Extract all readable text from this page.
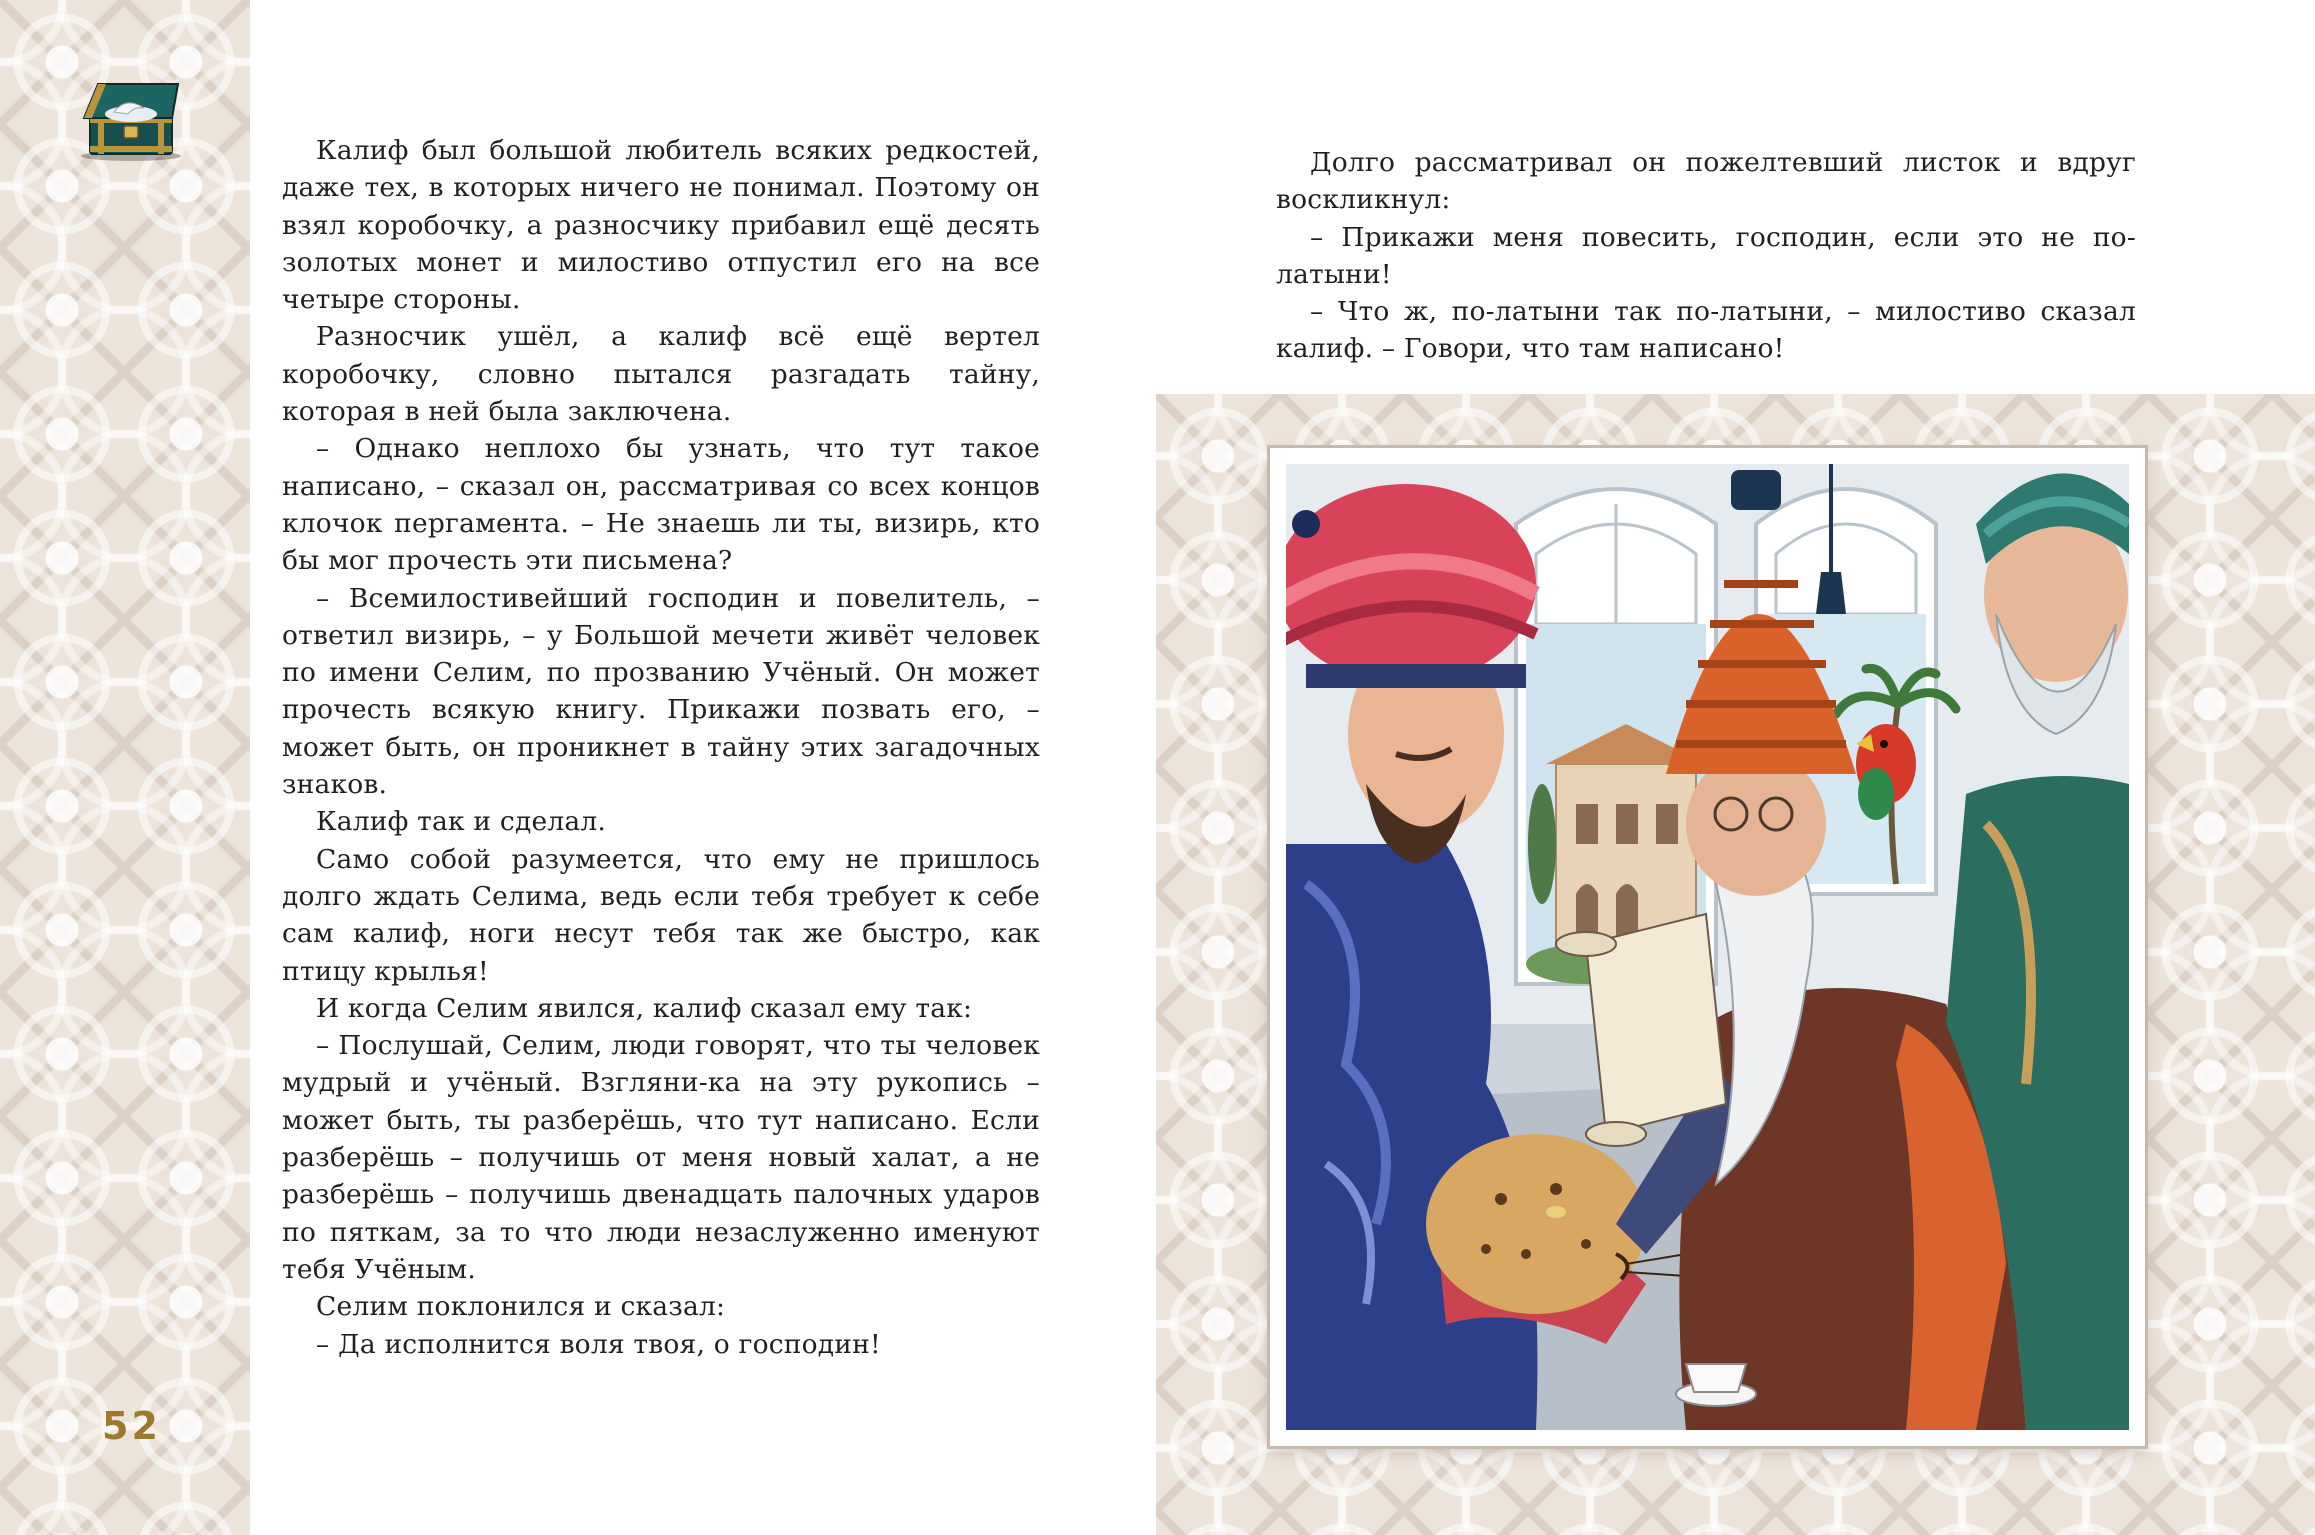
Калиф был большой любитель всяких редкостей, даже тех, в которых ничего не понимал. Поэтому он взял коробочку, а разносчику прибавил ещё десять золотых монет и милостиво отпустил его на все четыре стороны.

Разносчик ушёл, а калиф всё ещё вертел коробочку, словно пытался разгадать тайну, которая в ней была заключена.

– Однако неплохо бы узнать, что тут такое написано, – сказал он, рассматривая со всех концов клочок пергамента. – Не знаешь ли ты, визирь, кто бы мог прочесть эти письмена?

– Всемилостивейший господин и повелитель, – ответил визирь, – у Большой мечети живёт человек по имени Селим, по прозванию Учёный. Он может прочесть всякую книгу. Прикажи позвать его, – может быть, он проникнет в тайну этих загадочных знаков.

Калиф так и сделал.

Само собой разумеется, что ему не пришлось долго ждать Селима, ведь если тебя требует к себе сам калиф, ноги несут тебя так же быстро, как птицу крылья!

И когда Селим явился, калиф сказал ему так:

– Послушай, Селим, люди говорят, что ты человек мудрый и учёный. Взгляни-ка на эту рукопись – может быть, ты разберёшь, что тут написано. Если разберёшь – получишь от меня новый халат, а не разберёшь – получишь двенадцать палочных ударов по пяткам, за то что люди незаслуженно именуют тебя Учёным.

Селим поклонился и сказал:

– Да исполнится воля твоя, о господин!

Долго рассматривал он пожелтевший листок и вдруг воскликнул:

– Прикажи меня повесить, господин, если это не по-латыни!

– Что ж, по-латыни так по-латыни, – милостиво сказал калиф. – Говори, что там написано!

52
